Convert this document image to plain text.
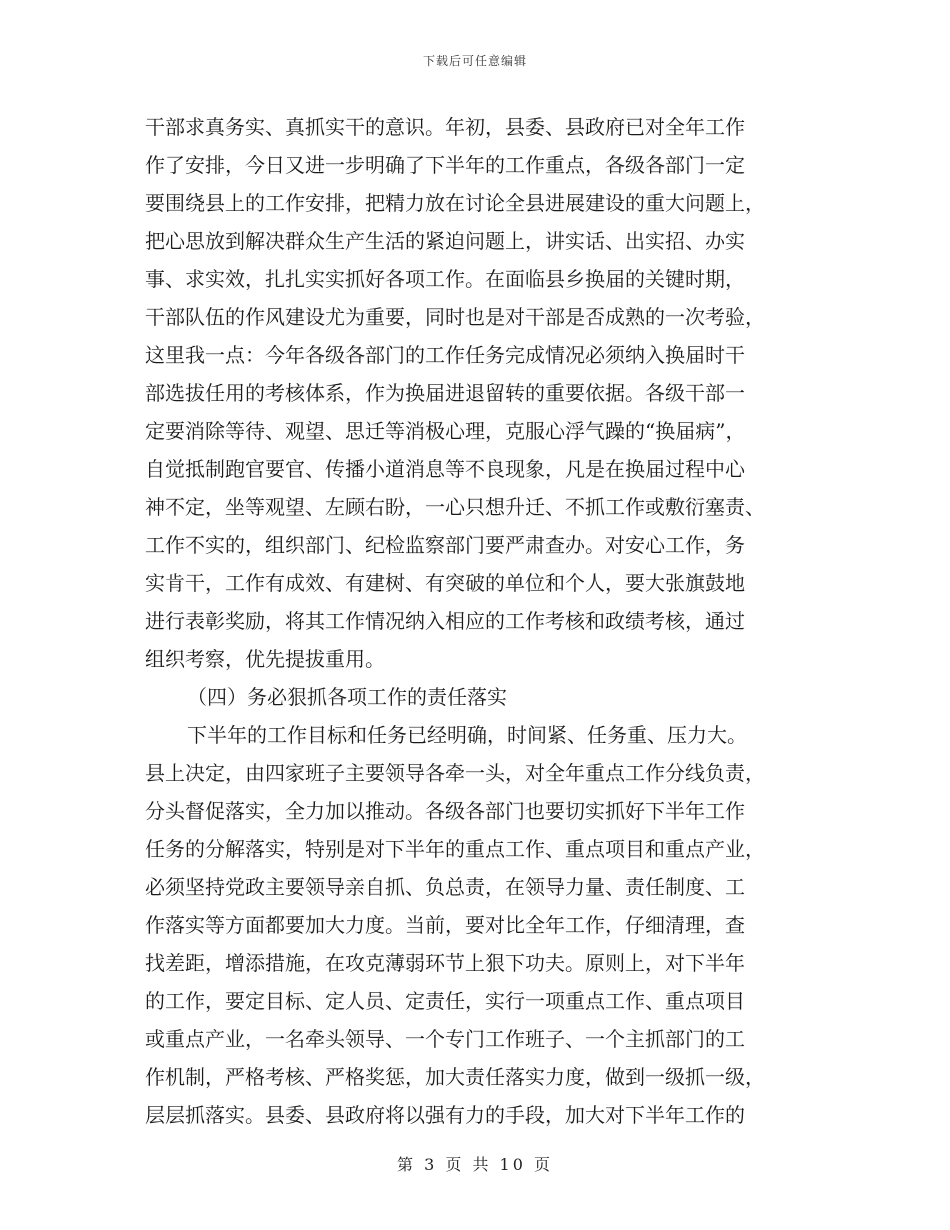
下载后可任意编辑
干部求真务实、真抓实干的意识。年初，县委、县政府已对全年工作
作了安排，今日又进一步明确了下半年的工作重点，各级各部门一定
要围绕县上的工作安排，把精力放在讨论全县进展建设的重大问题上，
把心思放到解决群众生产生活的紧迫问题上，讲实话、出实招、办实
事、求实效，扎扎实实抓好各项工作。在面临县乡换届的关键时期，
干部队伍的作风建设尤为重要，同时也是对干部是否成熟的一次考验，
这里我一点：今年各级各部门的工作任务完成情况必须纳入换届时干
部选拔任用的考核体系，作为换届进退留转的重要依据。各级干部一
定要消除等待、观望、思迁等消极心理，克服心浮气躁的“换届病”，
自觉抵制跑官要官、传播小道消息等不良现象，凡是在换届过程中心
神不定，坐等观望、左顾右盼，一心只想升迁、不抓工作或敷衍塞责、
工作不实的，组织部门、纪检监察部门要严肃查办。对安心工作，务
实肯干，工作有成效、有建树、有突破的单位和个人，要大张旗鼓地
进行表彰奖励，将其工作情况纳入相应的工作考核和政绩考核，通过
组织考察，优先提拔重用。
（四）务必狠抓各项工作的责任落实
下半年的工作目标和任务已经明确，时间紧、任务重、压力大。
县上决定，由四家班子主要领导各牵一头，对全年重点工作分线负责，
分头督促落实，全力加以推动。各级各部门也要切实抓好下半年工作
任务的分解落实，特别是对下半年的重点工作、重点项目和重点产业，
必须坚持党政主要领导亲自抓、负总责，在领导力量、责任制度、工
作落实等方面都要加大力度。当前，要对比全年工作，仔细清理，查
找差距，增添措施，在攻克薄弱环节上狠下功夫。原则上，对下半年
的工作，要定目标、定人员、定责任，实行一项重点工作、重点项目
或重点产业，一名牵头领导、一个专门工作班子、一个主抓部门的工
作机制，严格考核、严格奖惩，加大责任落实力度，做到一级抓一级，
层层抓落实。县委、县政府将以强有力的手段，加大对下半年工作的
第 3 页 共 10 页
